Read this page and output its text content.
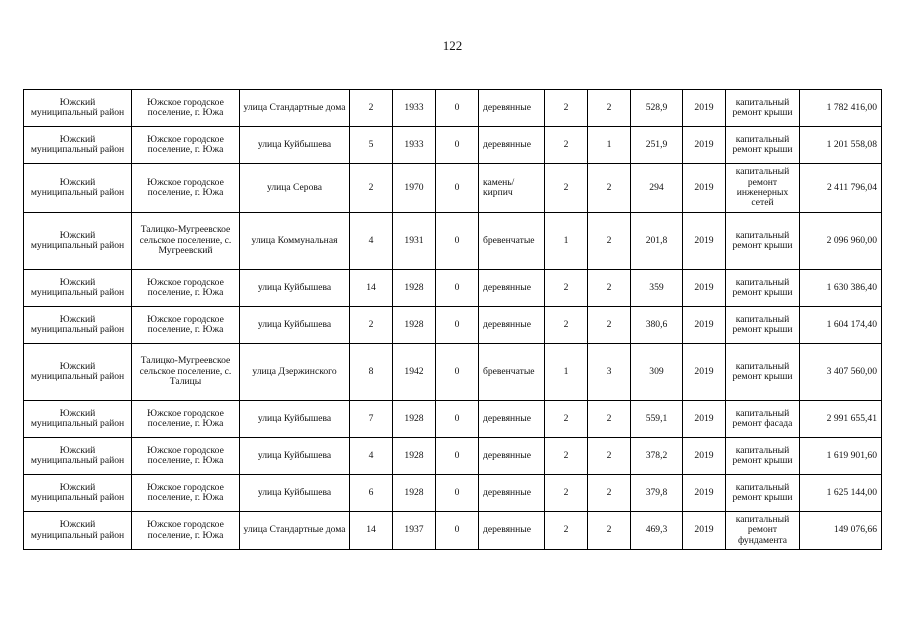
122
Южский муниципальный район	Южское городское поселение, г. Южа	улица Стандартные дома	2	1933	0	деревянные	2	2	528,9	2019	капитальный ремонт крыши	1 782 416,00
Южский муниципальный район	Южское городское поселение, г. Южа	улица Куйбышева	5	1933	0	деревянные	2	1	251,9	2019	капитальный ремонт крыши	1 201 558,08
Южский муниципальный район	Южское городское поселение, г. Южа	улица Серова	2	1970	0	камень/кирпич	2	2	294	2019	капитальный ремонт инженерных сетей	2 411 796,04
Южский муниципальный район	Талицко-Мугреевское сельское поселение, с. Мугреевский	улица Коммунальная	4	1931	0	бревенчатые	1	2	201,8	2019	капитальный ремонт крыши	2 096 960,00
Южский муниципальный район	Южское городское поселение, г. Южа	улица Куйбышева	14	1928	0	деревянные	2	2	359	2019	капитальный ремонт крыши	1 630 386,40
Южский муниципальный район	Южское городское поселение, г. Южа	улица Куйбышева	2	1928	0	деревянные	2	2	380,6	2019	капитальный ремонт крыши	1 604 174,40
Южский муниципальный район	Талицко-Мугреевское сельское поселение, с. Талицы	улица Дзержинского	8	1942	0	бревенчатые	1	3	309	2019	капитальный ремонт крыши	3 407 560,00
Южский муниципальный район	Южское городское поселение, г. Южа	улица Куйбышева	7	1928	0	деревянные	2	2	559,1	2019	капитальный ремонт фасада	2 991 655,41
Южский муниципальный район	Южское городское поселение, г. Южа	улица Куйбышева	4	1928	0	деревянные	2	2	378,2	2019	капитальный ремонт крыши	1 619 901,60
Южский муниципальный район	Южское городское поселение, г. Южа	улица Куйбышева	6	1928	0	деревянные	2	2	379,8	2019	капитальный ремонт крыши	1 625 144,00
Южский муниципальный район	Южское городское поселение, г. Южа	улица Стандартные дома	14	1937	0	деревянные	2	2	469,3	2019	капитальный ремонт фундамента	149 076,66
